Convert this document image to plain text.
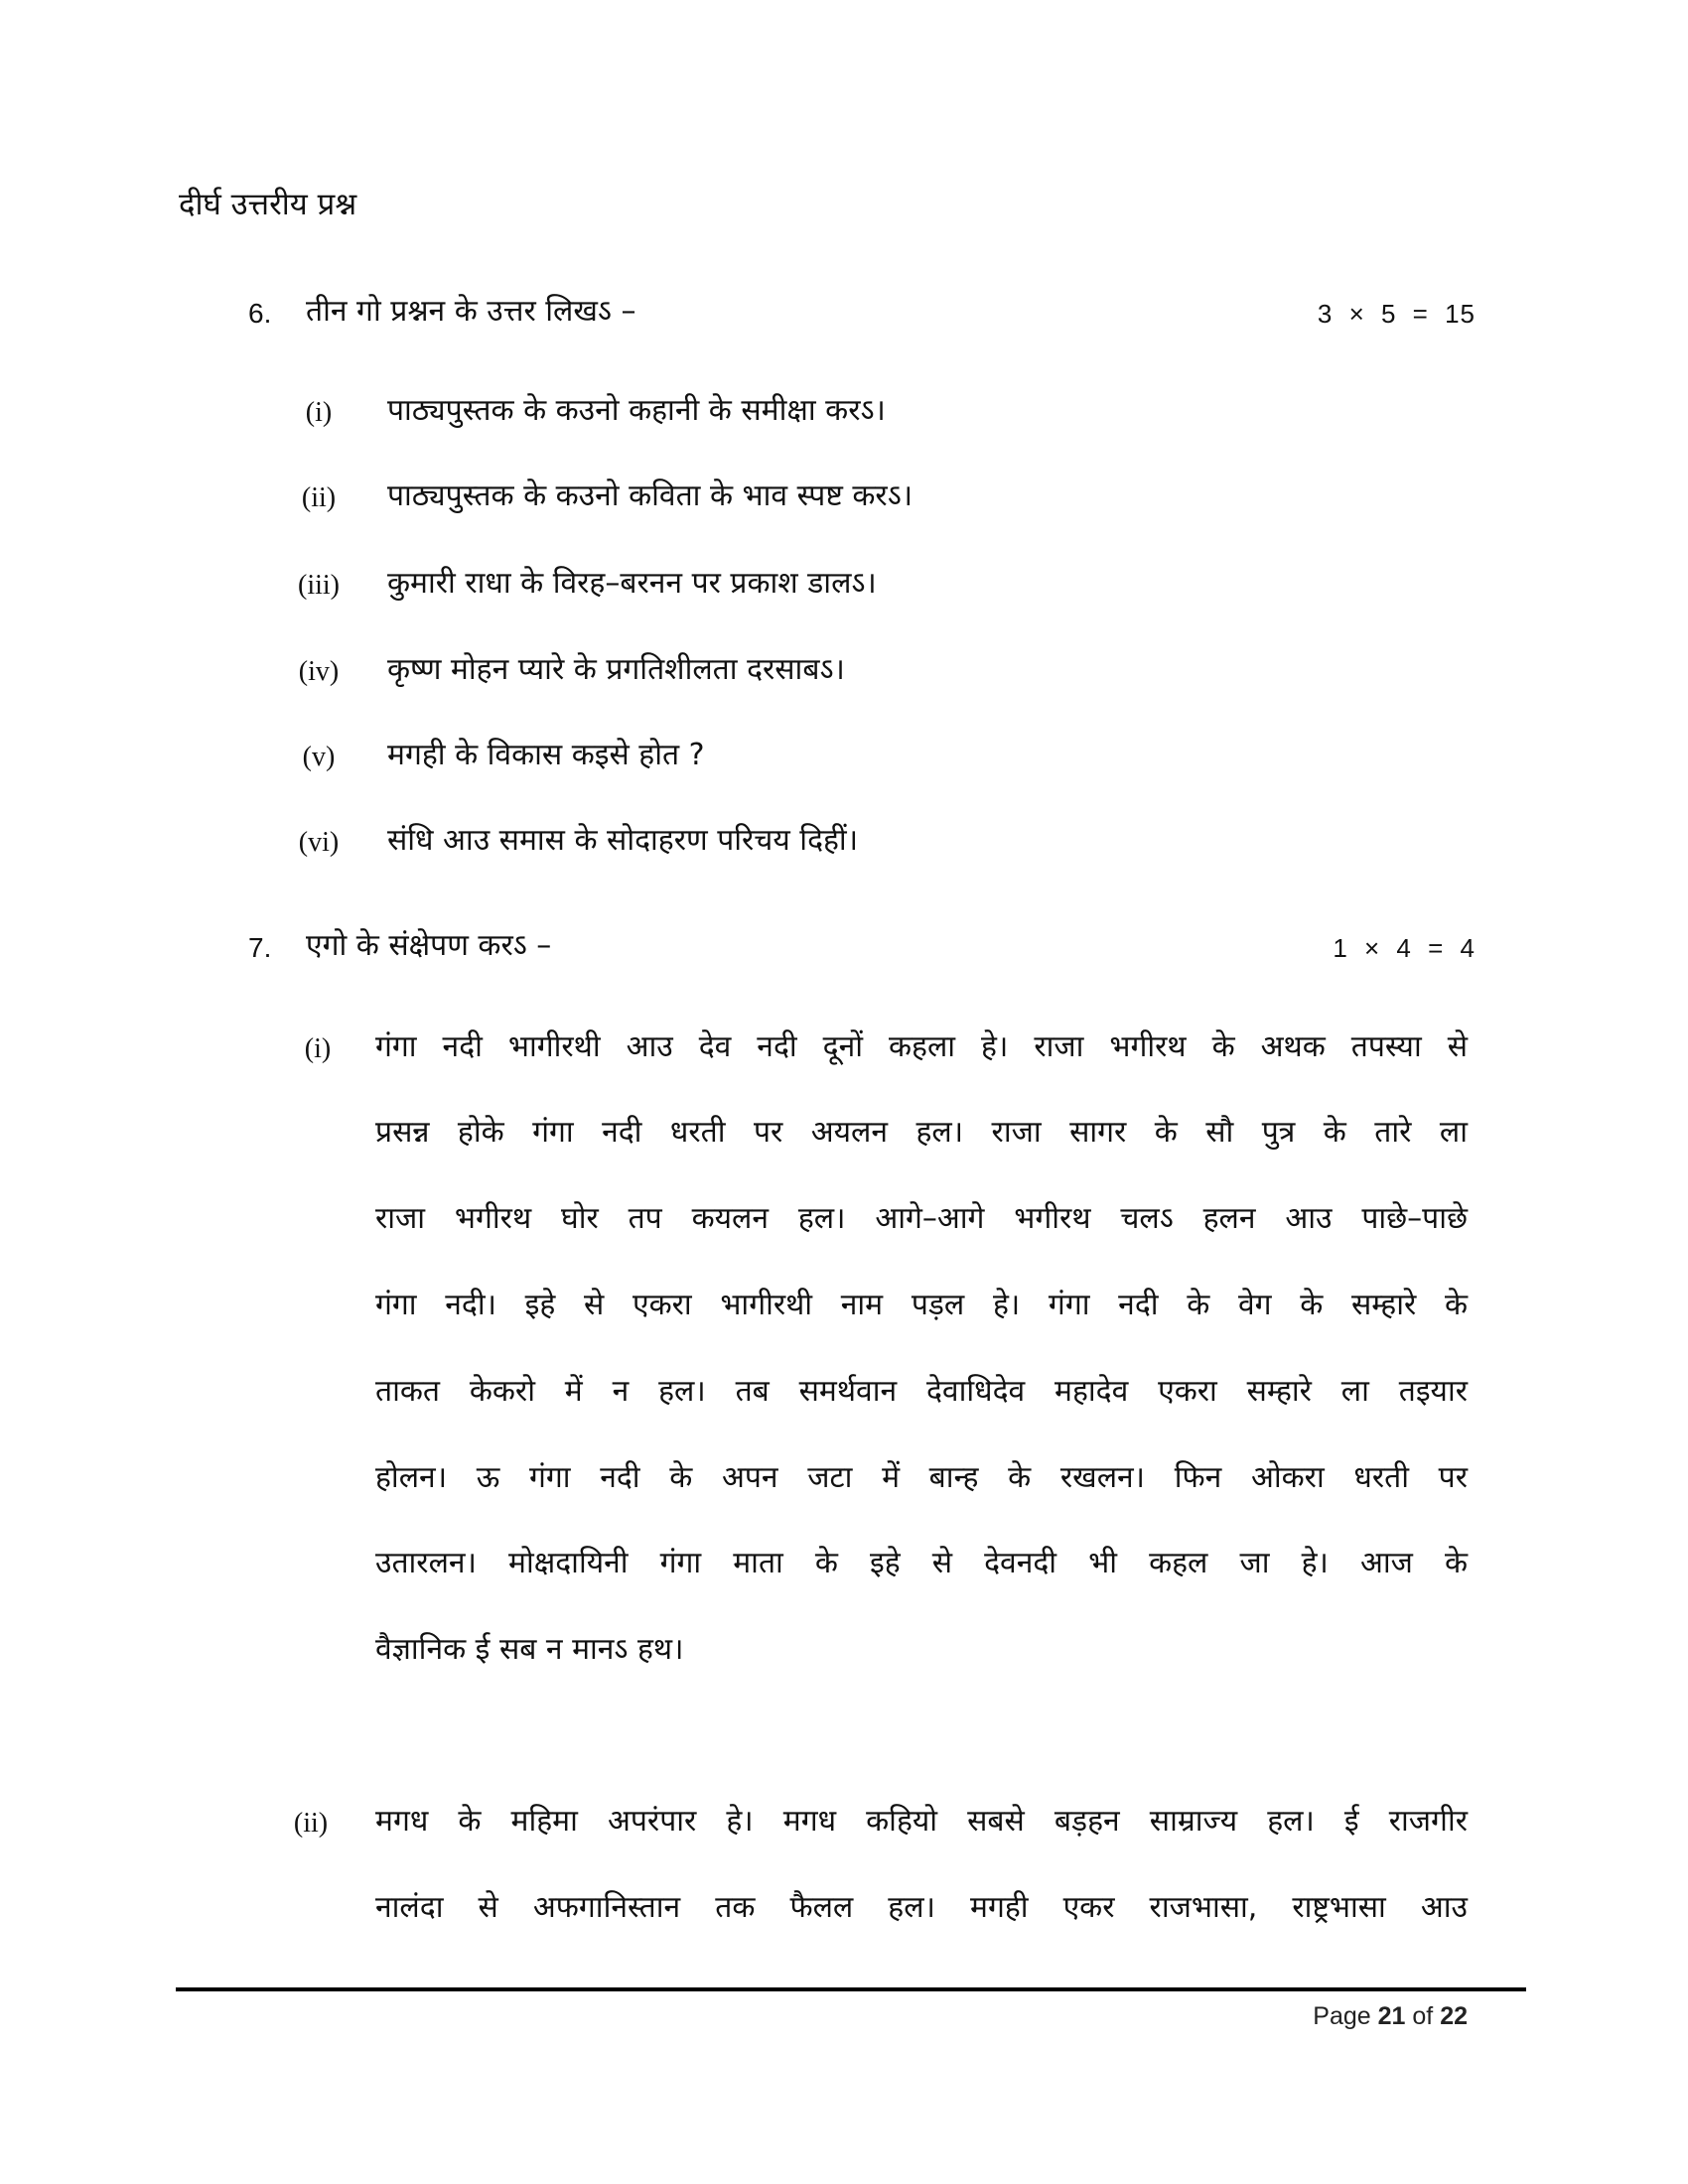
दीर्घ उत्तरीय प्रश्न
6. तीन गो प्रश्नन के उत्तर लिखऽ –	3 × 5 = 15
(i)	पाठ्यपुस्तक के कउनो कहानी के समीक्षा करऽ।
(ii)	पाठ्यपुस्तक के कउनो कविता के भाव स्पष्ट करऽ।
(iii)	कुमारी राधा के विरह–बरनन पर प्रकाश डालऽ।
(iv)	कृष्ण मोहन प्यारे के प्रगतिशीलता दरसाबऽ।
(v)	मगही के विकास कइसे होत ?
(vi)	संधि आउ समास के सोदाहरण परिचय दिहीं।
7. एगो के संक्षेपण करऽ –	1 × 4 = 4
(i)	गंगा नदी भागीरथी आउ देव नदी दूनों कहला हे। राजा भगीरथ के अथक तपस्या से
प्रसन्न होके गंगा नदी धरती पर अयलन हल। राजा सागर के सौ पुत्र के तारे ला
राजा भगीरथ घोर तप कयलन हल। आगे–आगे भगीरथ चलऽ हलन आउ पाछे–पाछे
गंगा नदी। इहे से एकरा भागीरथी नाम पड़ल हे। गंगा नदी के वेग के सम्हारे के
ताकत केकरो में न हल। तब समर्थवान देवाधिदेव महादेव एकरा सम्हारे ला तइयार
होलन। ऊ गंगा नदी के अपन जटा में बान्ह के रखलन। फिन ओकरा धरती पर
उतारलन। मोक्षदायिनी गंगा माता के इहे से देवनदी भी कहल जा हे। आज के
वैज्ञानिक ई सब न मानऽ हथ।
(ii)	मगध के महिमा अपरंपार हे। मगध कहियो सबसे बड़हन साम्राज्य हल। ई राजगीर
नालंदा से अफगानिस्तान तक फैलल हल। मगही एकर राजभासा, राष्ट्रभासा आउ
Page 21 of 22
